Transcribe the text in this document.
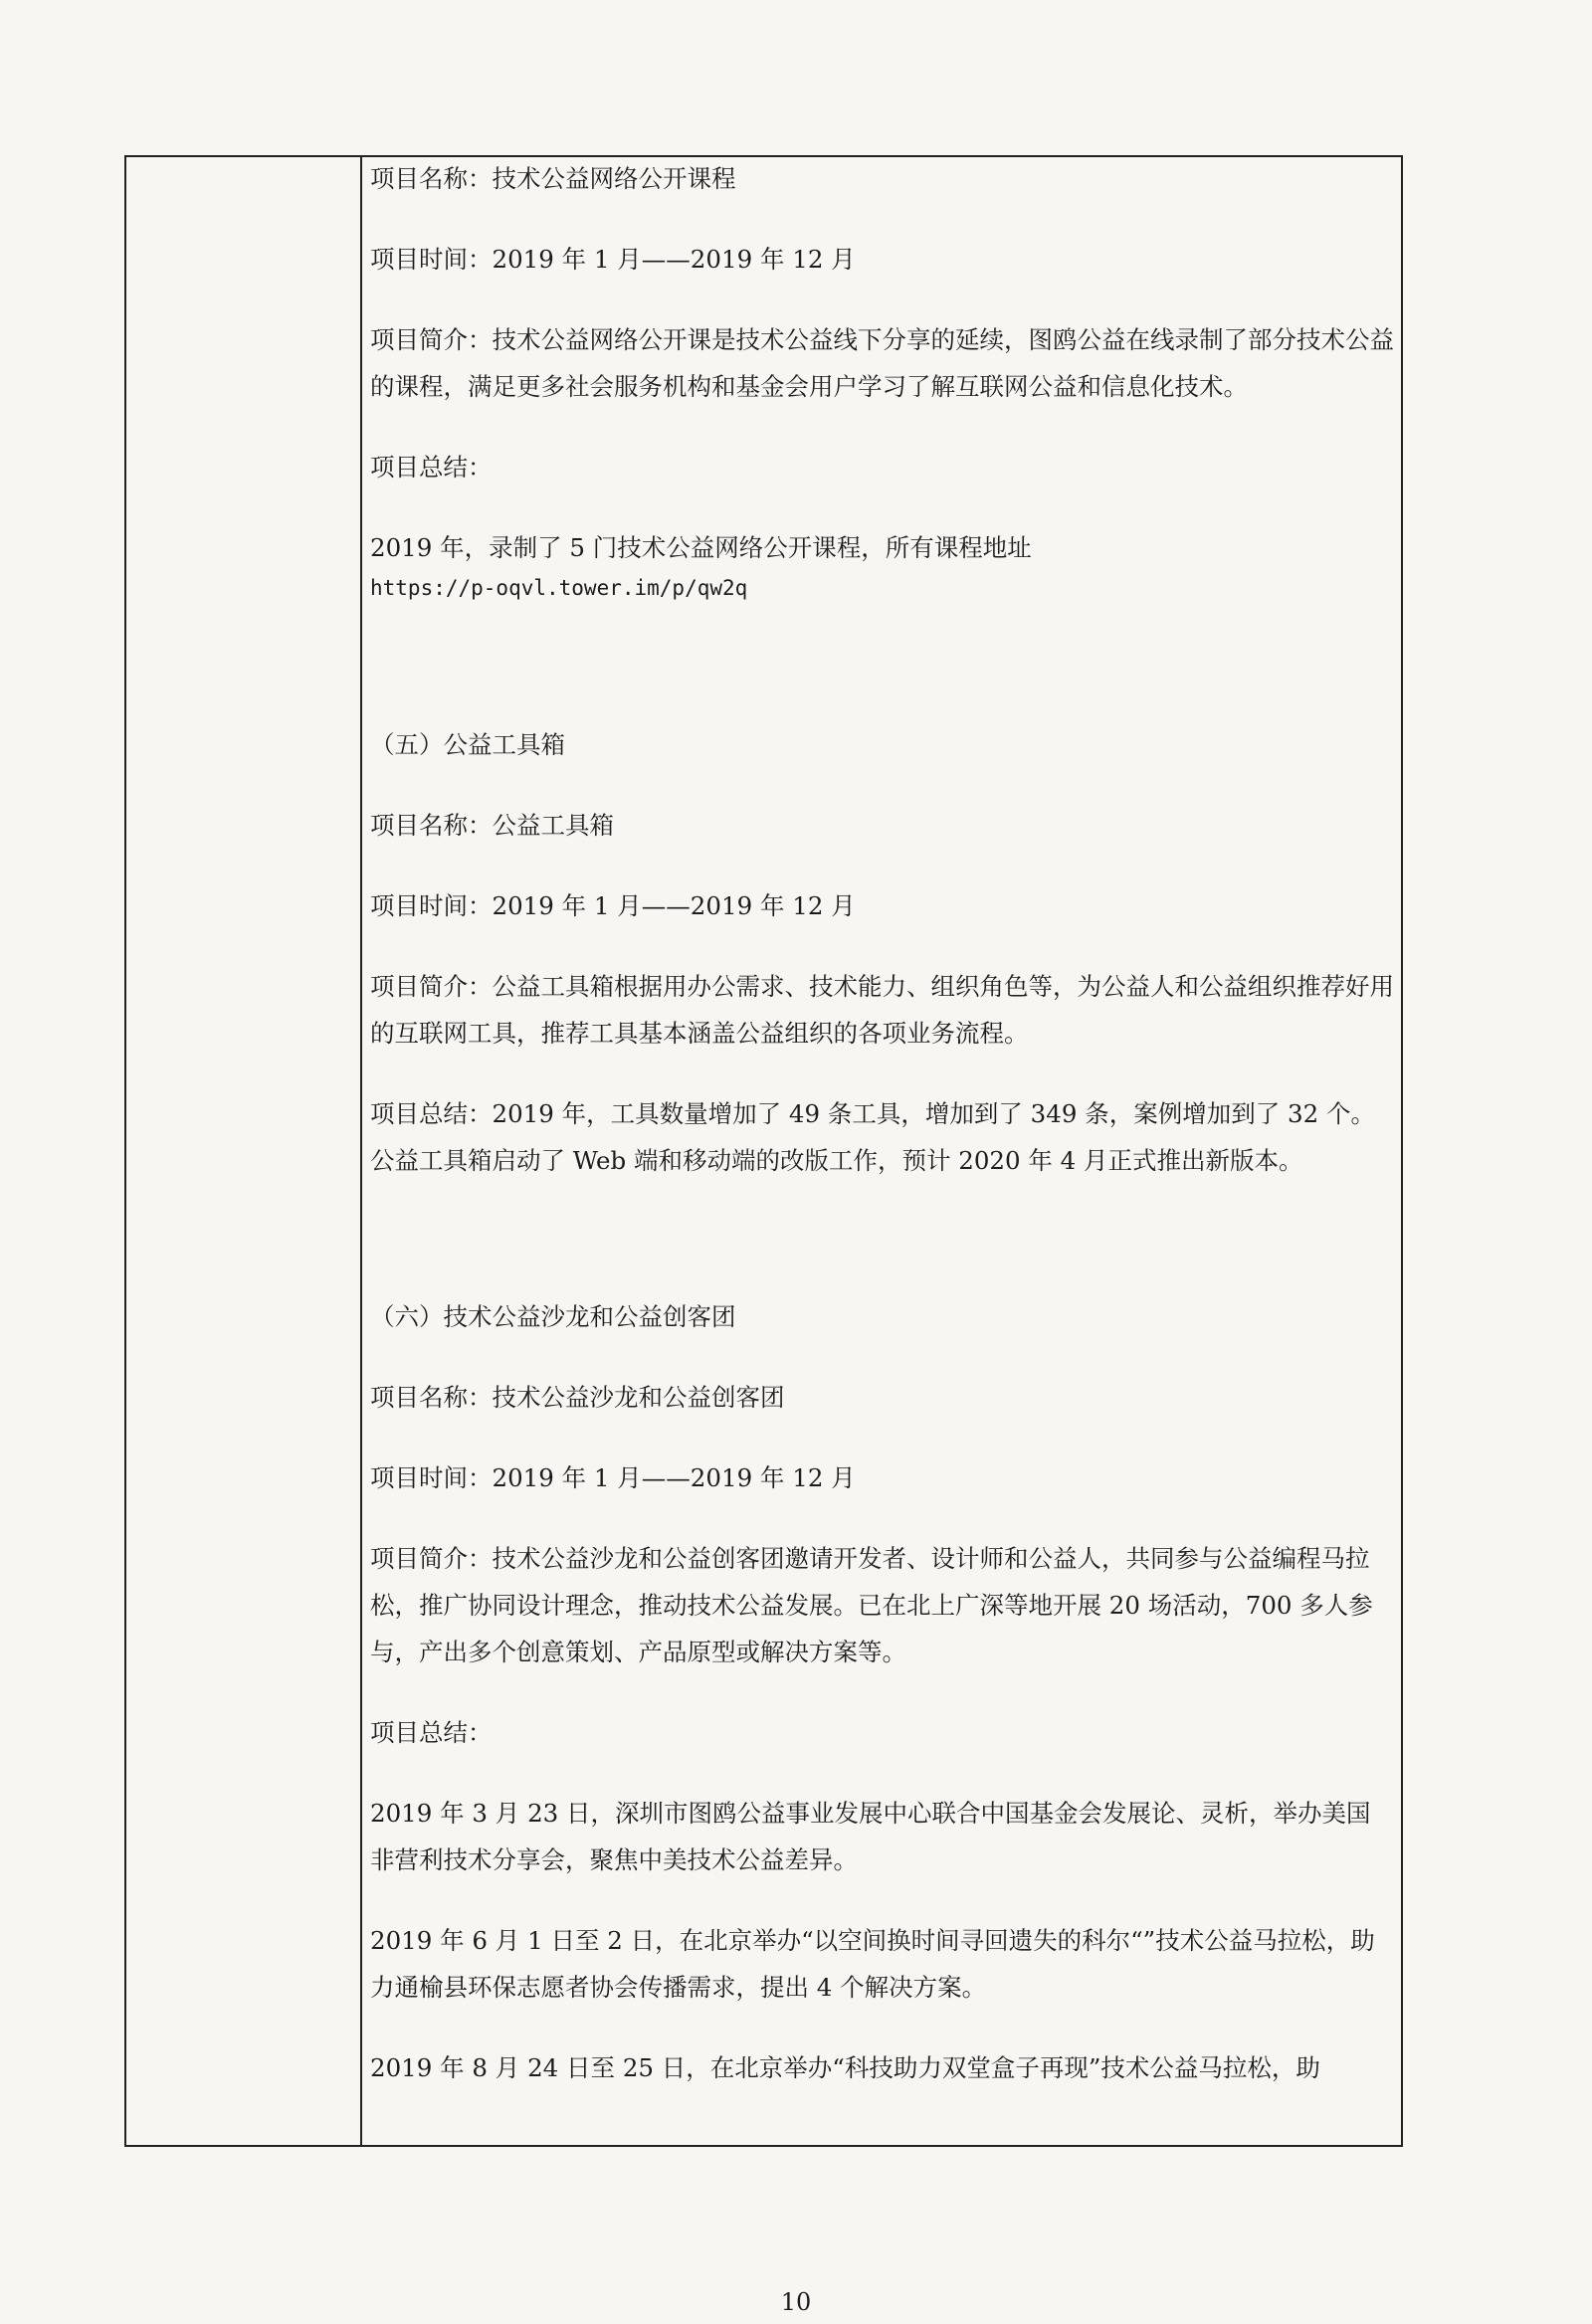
项目名称：技术公益网络公开课程

项目时间：2019 年 1 月——2019 年 12 月

项目简介：技术公益网络公开课是技术公益线下分享的延续，图鸥公益在线录制了部分技术公益的课程，满足更多社会服务机构和基金会用户学习了解互联网公益和信息化技术。

项目总结：

2019 年，录制了 5 门技术公益网络公开课程，所有课程地址

https://p-oqvl.tower.im/p/qw2q

（五）公益工具箱

项目名称：公益工具箱

项目时间：2019 年 1 月——2019 年 12 月

项目简介：公益工具箱根据用办公需求、技术能力、组织角色等，为公益人和公益组织推荐好用的互联网工具，推荐工具基本涵盖公益组织的各项业务流程。

项目总结：2019 年，工具数量增加了 49 条工具，增加到了 349 条，案例增加到了 32 个。公益工具箱启动了 Web 端和移动端的改版工作，预计 2020 年 4 月正式推出新版本。

（六）技术公益沙龙和公益创客团

项目名称：技术公益沙龙和公益创客团

项目时间：2019 年 1 月——2019 年 12 月

项目简介：技术公益沙龙和公益创客团邀请开发者、设计师和公益人，共同参与公益编程马拉松，推广协同设计理念，推动技术公益发展。已在北上广深等地开展 20 场活动，700 多人参与，产出多个创意策划、产品原型或解决方案等。

项目总结：

2019 年 3 月 23 日，深圳市图鸥公益事业发展中心联合中国基金会发展论、灵析，举办美国非营利技术分享会，聚焦中美技术公益差异。

2019 年 6 月 1 日至 2 日，在北京举办“以空间换时间寻回遗失的科尔“”技术公益马拉松，助力通榆县环保志愿者协会传播需求，提出 4 个解决方案。

2019 年 8 月 24 日至 25 日，在北京举办“科技助力双堂盒子再现”技术公益马拉松，助

10
